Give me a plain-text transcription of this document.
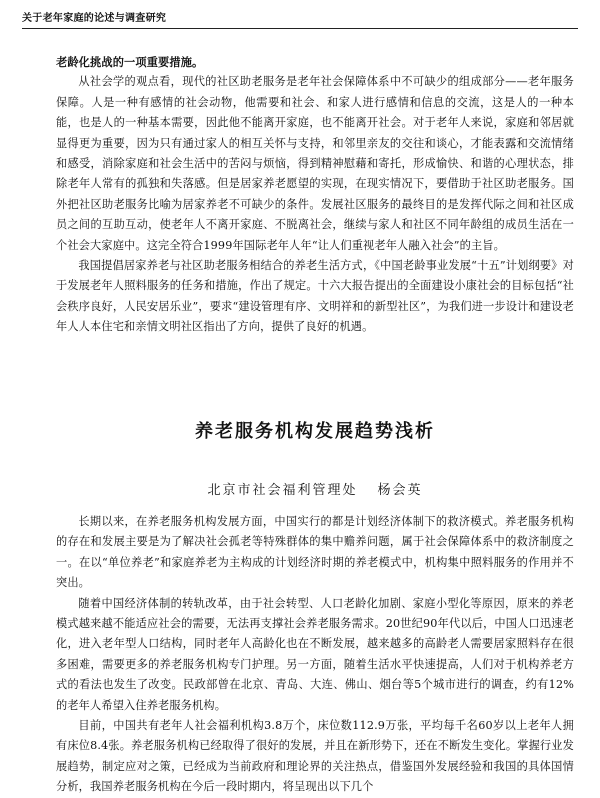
关于老年家庭的论述与调查研究

老龄化挑战的一项重要措施。

从社会学的观点看，现代的社区助老服务是老年社会保障体系中不可缺少的组成部分——老年服务保障。人是一种有感情的社会动物，他需要和社会、和家人进行感情和信息的交流，这是人的一种本能，也是人的一种基本需要，因此他不能离开家庭，也不能离开社会。对于老年人来说，家庭和邻居就显得更为重要，因为只有通过家人的相互关怀与支持，和邻里亲友的交往和谈心，才能表露和交流情绪和感受，消除家庭和社会生活中的苦闷与烦恼，得到精神慰藉和寄托，形成愉快、和谐的心理状态，排除老年人常有的孤独和失落感。但是居家养老愿望的实现，在现实情况下，要借助于社区助老服务。国外把社区助老服务比喻为居家养老不可缺少的条件。发展社区服务的最终目的是发挥代际之间和社区成员之间的互助互动，使老年人不离开家庭、不脱离社会，继续与家人和社区不同年龄组的成员生活在一个社会大家庭中。这完全符合1999年国际老年人年“让人们重视老年人融入社会”的主旨。

我国提倡居家养老与社区助老服务相结合的养老生活方式，《中国老龄事业发展“十五”计划纲要》对于发展老年人照料服务的任务和措施，作出了规定。十六大报告提出的全面建设小康社会的目标包括“社会秩序良好，人民安居乐业”，要求“建设管理有序、文明祥和的新型社区”，为我们进一步设计和建设老年人人本住宅和亲情文明社区指出了方向，提供了良好的机遇。

养老服务机构发展趋势浅析
北京市社会福利管理处 杨会英

长期以来，在养老服务机构发展方面，中国实行的都是计划经济体制下的救济模式。养老服务机构的存在和发展主要是为了解决社会孤老等特殊群体的集中赡养问题，属于社会保障体系中的救济制度之一。在以“单位养老”和家庭养老为主构成的计划经济时期的养老模式中，机构集中照料服务的作用并不突出。

随着中国经济体制的转轨改革，由于社会转型、人口老龄化加剧、家庭小型化等原因，原来的养老模式越来越不能适应社会的需要，无法再支撑社会养老服务需求。20世纪90年代以后，中国人口迅速老化，进入老年型人口结构，同时老年人高龄化也在不断发展，越来越多的高龄老人需要居家照料存在很多困难，需要更多的养老服务机构专门护理。另一方面，随着生活水平快速提高，人们对于机构养老方式的看法也发生了改变。民政部曾在北京、青岛、大连、佛山、烟台等5个城市进行的调查，约有12%的老年人希望入住养老服务机构。

目前，中国共有老年人社会福利机构3.8万个，床位数112.9万张，平均每千名60岁以上老年人拥有床位8.4张。养老服务机构已经取得了很好的发展，并且在新形势下，还在不断发生变化。掌握行业发展趋势，制定应对之策，已经成为当前政府和理论界的关注热点，借鉴国外发展经验和我国的具体国情分析，我国养老服务机构在今后一段时期内，将呈现出以下几个
